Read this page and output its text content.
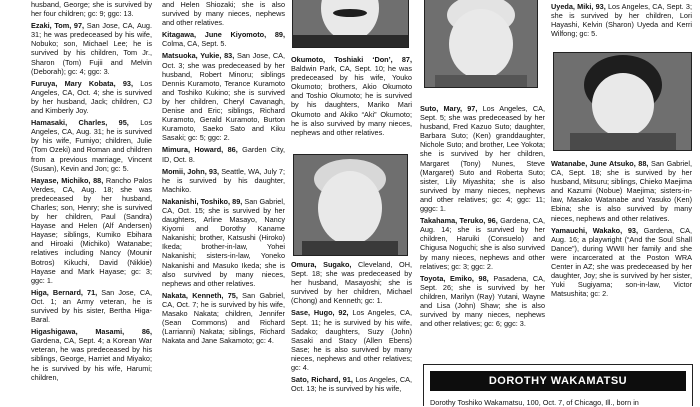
husband, George; she is survived by her four children; gc: 9; ggc: 13.

Ezaki, Tom, 97, San Jose, CA, Aug. 31; he was predeceased by his wife, Nobuko; son, Michael Lee; he is survived by his children, Tom Jr., Sharon (Tom) Fujii and Melvin (Deborah); gc: 4; ggc: 3.

Furuya, Mary Kobata, 93, Los Angeles, CA, Oct. 4; she is survived by her husband, Jack; children, CJ and Kimberly Joy.

Hamasaki, Charles, 95, Los Angeles, CA, Aug. 31; he is survived by his wife, Fumiyo; children, Julie (Tom Ozeki) and Roman and children from a previous marriage, Vincent (Susan), Kevin and Jon; gc: 5.

Hayase, Michiko, 88, Rancho Palos Verdes, CA, Aug. 18; she was predeceased by her husband, Charles; son, Henry; she is survived by her children, Paul (Sandra) Hayase and Helen (Alf Andersen) Hayase; siblings, Kumiko Ebihara and Hiroaki (Michiko) Watanabe; relatives including Nancy (Mounir Botros) Kikuchi, David (Nikkie) Hayase and Mark Hayase; gc: 3; ggc: 1.

Higa, Bernard, 71, San Jose, CA, Oct. 1; an Army veteran, he is survived by his sister, Bertha Higa-Baral.

Higashigawa, Masami, 86, Gardena, CA, Sept. 4; a Korean War veteran, he was predeceased by his siblings, George, Harriet and Miyako; he is survived by his wife, Harumi; children,

and Helen Shiozaki; she is also survived by many nieces, nephews and other relatives.

Kitagawa, June Kiyomoto, 89, Colma, CA, Sept. 5.

Matsuoka, Yukie, 83, San Jose, CA, Oct. 3; she was predeceased by her husband, Robert Minoru; siblings Dennis Kuramoto, Terance Kuramoto and Toshiko Kukino; she is survived by her children, Cheryl Cavanagh, Denise and Eric; siblings, Richard Kuramoto, Gerald Kuramoto, Burton Kuramoto, Saeko Sato and Kiku Sasaki; gc: 5; ggc: 2.

Mimura, Howard, 86, Garden City, ID, Oct. 8.

Momii, John, 93, Seattle, WA, July 7; he is survived by his daughter, Machiko.

Nakanishi, Toshiko, 89, San Gabriel, CA, Oct. 15; she is survived by her daughters, Arline Masayo, Nancy Kiyomi and Dorothy Kaname Nakanishi; brother, Katsushi (Hiroko) Ikeda; brother-in-law, Yohei Nakanishi; sisters-in-law, Yoneko Nakanishi and Masuko Ikeda; she is also survived by many nieces, nephews and other relatives.

Nakata, Kenneth, 75, San Gabriel, CA, Oct. 7; he is survived by his wife, Masako Nakata; children, Jennifer (Sean Commons) and Richard (Larrianni) Nakata; siblings, Richard Nakata and Jane Sakamoto; gc: 4.

Okumoto, Toshiaki ‘Don’, 87, Baldwin Park, CA, Sept. 10; he was predeceased by his wife, Youko Okumoto; brothers, Akio Okumoto and Toshio Okumoto; he is survived by his daughters, Mariko Mari Okumoto and Akiko “Aki” Okumoto; he is also survived by many nieces, nephews and other relatives.

Omura, Sugako, Cleveland, OH, Sept. 18; she was predeceased by her husband, Masayoshi; she is survived by her children, Michael (Chong) and Kenneth; gc: 1.

Sase, Hugo, 92, Los Angeles, CA, Sept. 11; he is survived by his wife, Sadako; daughters, Suzy (John) Sasaki and Stacy (Allen Ebens) Sase; he is also survived by many nieces, nephews and other relatives; gc: 4.

Sato, Richard, 91, Los Angeles, CA, Oct. 13; he is survived by his wife,

Suto, Mary, 97, Los Angeles, CA, Sept. 5; she was predeceased by her husband, Fred Kazuo Suto; daughter, Barbara Suto; (Ken) granddaughter, Nichole Suto; and brother, Lee Yokota; she is survived by her children, Margaret (Tony) Nunes, Steve (Margaret) Suto and Roberta Suto; sister, Lily Miyashita; she is also survived by many nieces, nephews and other relatives; gc: 4; ggc: 11; gggc: 1.

Takahama, Teruko, 96, Gardena, CA, Aug. 14; she is survived by her children, Haruiki (Consuelo) and Chigusa Noguchi; she is also survived by many nieces, nephews and other relatives; gc: 3; ggc: 2.

Toyota, Emiko, 98, Pasadena, CA, Sept. 26; she is survived by her children, Marilyn (Ray) Yutani, Wayne and Lisa (John) Shaw; she is also survived by many nieces, nephews and other relatives; gc: 6; ggc: 3.

Uyeda, Miki, 93, Los Angeles, CA, Sept. 3; she is survived by her children, Lori Hayashi, Kelvin (Sharon) Uyeda and Kerri Wilfong; gc: 5.

Watanabe, June Atsuko, 88, San Gabriel, CA, Sept. 18; she is survived by her husband, Mitsuru; siblings, Chieko Maejima and Kazumi (Nobue) Maejima; sisters-in-law, Masako Watanabe and Yasuko (Ken) Ebina; she is also survived by many nieces, nephews and other relatives.

Yamauchi, Wakako, 93, Gardena, CA, Aug. 16; a playwright (“And the Soul Shall Dance”), during WWII her family and she were incarcerated at the Poston WRA Center in AZ; she was predeceased by her daughter, Joy; she is survived by her sister, Yuki Sugiyama; son-in-law, Victor Matsushita; gc: 2.

DOROTHY WAKAMATSU
Dorothy Toshiko Wakamatsu, 100, Oct. 7, of Chicago, Ill., born in
